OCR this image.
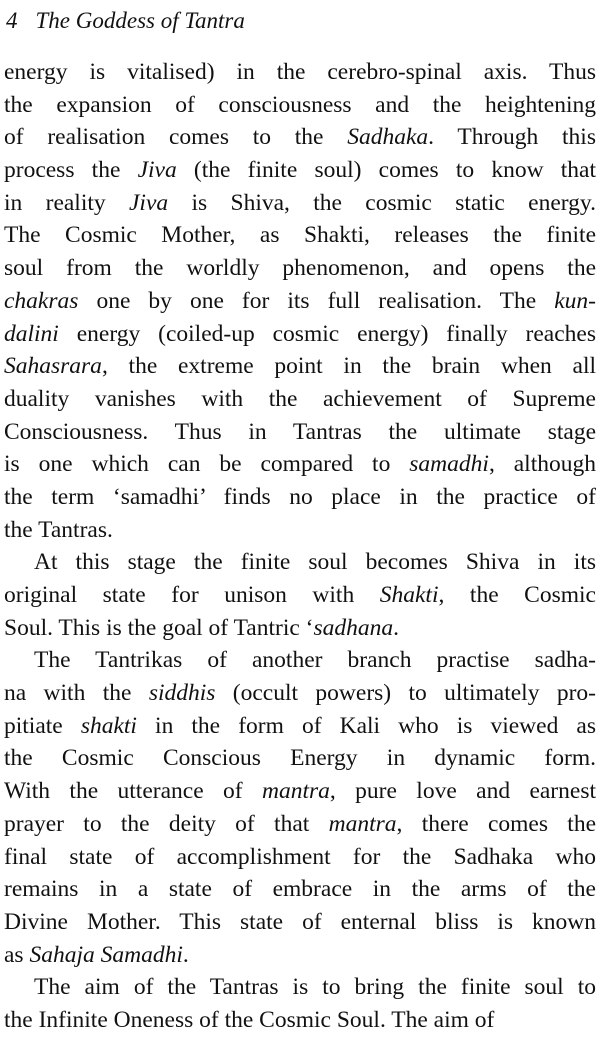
4 The Goddess of Tantra
energy is vitalised) in the cerebro-spinal axis. Thus
the expansion of consciousness and the heightening
of realisation comes to the Sadhaka. Through this
process the Jiva (the finite soul) comes to know that
in reality Jiva is Shiva, the cosmic static energy.
The Cosmic Mother, as Shakti, releases the finite
soul from the worldly phenomenon, and opens the
chakras one by one for its full realisation. The kun-
dalini energy (coiled-up cosmic energy) finally reaches
Sahasrara, the extreme point in the brain when all
duality vanishes with the achievement of Supreme
Consciousness. Thus in Tantras the ultimate stage
is one which can be compared to samadhi, although
the term ‘samadhi’ finds no place in the practice of
the Tantras.
At this stage the finite soul becomes Shiva in its
original state for unison with Shakti, the Cosmic
Soul. This is the goal of Tantric ‘sadhana.
The Tantrikas of another branch practise sadha-
na with the siddhis (occult powers) to ultimately pro-
pitiate shakti in the form of Kali who is viewed as
the Cosmic Conscious Energy in dynamic form.
With the utterance of mantra, pure love and earnest
prayer to the deity of that mantra, there comes the
final state of accomplishment for the Sadhaka who
remains in a state of embrace in the arms of the
Divine Mother. This state of enternal bliss is known
as Sahaja Samadhi.
The aim of the Tantras is to bring the finite soul to
the Infinite Oneness of the Cosmic Soul. The aim of
